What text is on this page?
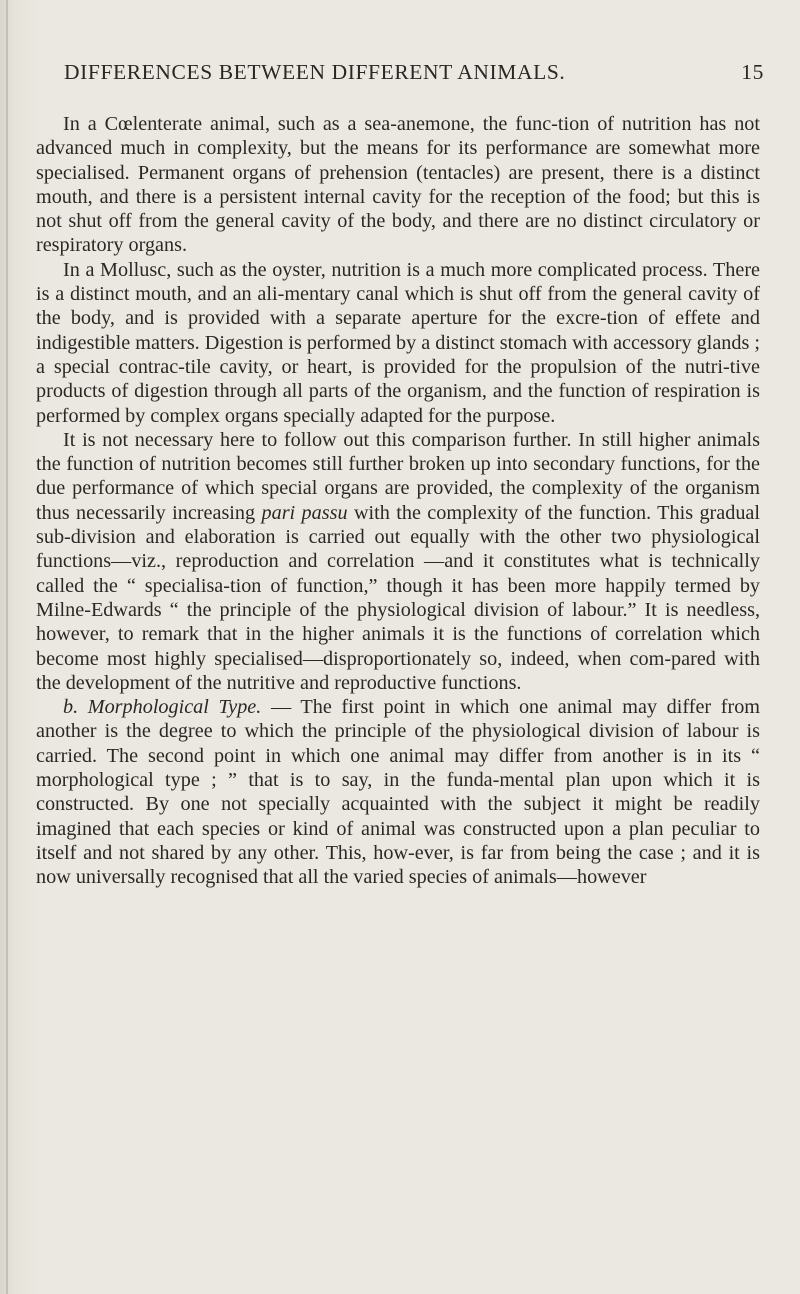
DIFFERENCES BETWEEN DIFFERENT ANIMALS.	15

In a Cœlenterate animal, such as a sea-anemone, the func-tion of nutrition has not advanced much in complexity, but the means for its performance are somewhat more specialised. Permanent organs of prehension (tentacles) are present, there is a distinct mouth, and there is a persistent internal cavity for the reception of the food; but this is not shut off from the general cavity of the body, and there are no distinct circulatory or respiratory organs.

In a Mollusc, such as the oyster, nutrition is a much more complicated process. There is a distinct mouth, and an ali-mentary canal which is shut off from the general cavity of the body, and is provided with a separate aperture for the excre-tion of effete and indigestible matters. Digestion is performed by a distinct stomach with accessory glands ; a special contrac-tile cavity, or heart, is provided for the propulsion of the nutri-tive products of digestion through all parts of the organism, and the function of respiration is performed by complex organs specially adapted for the purpose.

It is not necessary here to follow out this comparison further. In still higher animals the function of nutrition becomes still further broken up into secondary functions, for the due performance of which special organs are provided, the complexity of the organism thus necessarily increasing pari passu with the complexity of the function. This gradual sub-division and elaboration is carried out equally with the other two physiological functions—viz., reproduction and correlation —and it constitutes what is technically called the “ specialisa-tion of function,” though it has been more happily termed by Milne-Edwards “ the principle of the physiological division of labour.” It is needless, however, to remark that in the higher animals it is the functions of correlation which become most highly specialised—disproportionately so, indeed, when com-pared with the development of the nutritive and reproductive functions.

b. Morphological Type. — The first point in which one animal may differ from another is the degree to which the principle of the physiological division of labour is carried. The second point in which one animal may differ from another is in its “ morphological type ; ” that is to say, in the funda-mental plan upon which it is constructed. By one not specially acquainted with the subject it might be readily imagined that each species or kind of animal was constructed upon a plan peculiar to itself and not shared by any other. This, how-ever, is far from being the case ; and it is now universally recognised that all the varied species of animals—however
